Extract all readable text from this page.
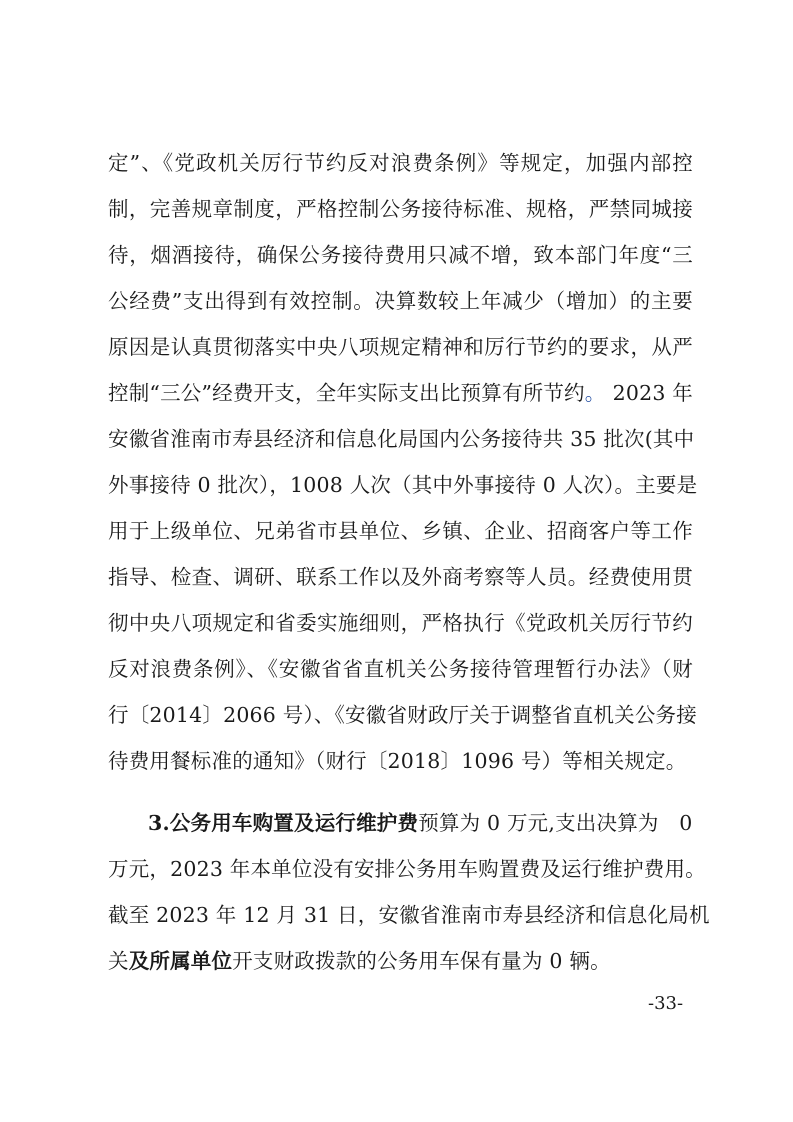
定”、《党政机关厉行节约反对浪费条例》等规定，加强内部控
制，完善规章制度，严格控制公务接待标准、规格，严禁同城接
待，烟酒接待，确保公务接待费用只减不增，致本部门年度“三
公经费”支出得到有效控制。决算数较上年减少（增加）的主要
原因是认真贯彻落实中央八项规定精神和厉行节约的要求，从严
控制“三公”经费开支，全年实际支出比预算有所节约。 2023 年
安徽省淮南市寿县经济和信息化局国内公务接待共 35 批次(其中
外事接待 0 批次），1008 人次（其中外事接待 0 人次）。主要是
用于上级单位、兄弟省市县单位、乡镇、企业、招商客户等工作
指导、检查、调研、联系工作以及外商考察等人员。经费使用贯
彻中央八项规定和省委实施细则，严格执行《党政机关厉行节约
反对浪费条例》、《安徽省省直机关公务接待管理暂行办法》（财
行〔2014〕2066 号）、《安徽省财政厅关于调整省直机关公务接
待费用餐标准的通知》（财行〔2018〕1096 号）等相关规定。
3.公务用车购置及运行维护费预算为 0 万元,支出决算为　0
万元，2023 年本单位没有安排公务用车购置费及运行维护费用。
截至 2023 年 12 月 31 日，安徽省淮南市寿县经济和信息化局机
关及所属单位开支财政拨款的公务用车保有量为 0 辆。
-33-
